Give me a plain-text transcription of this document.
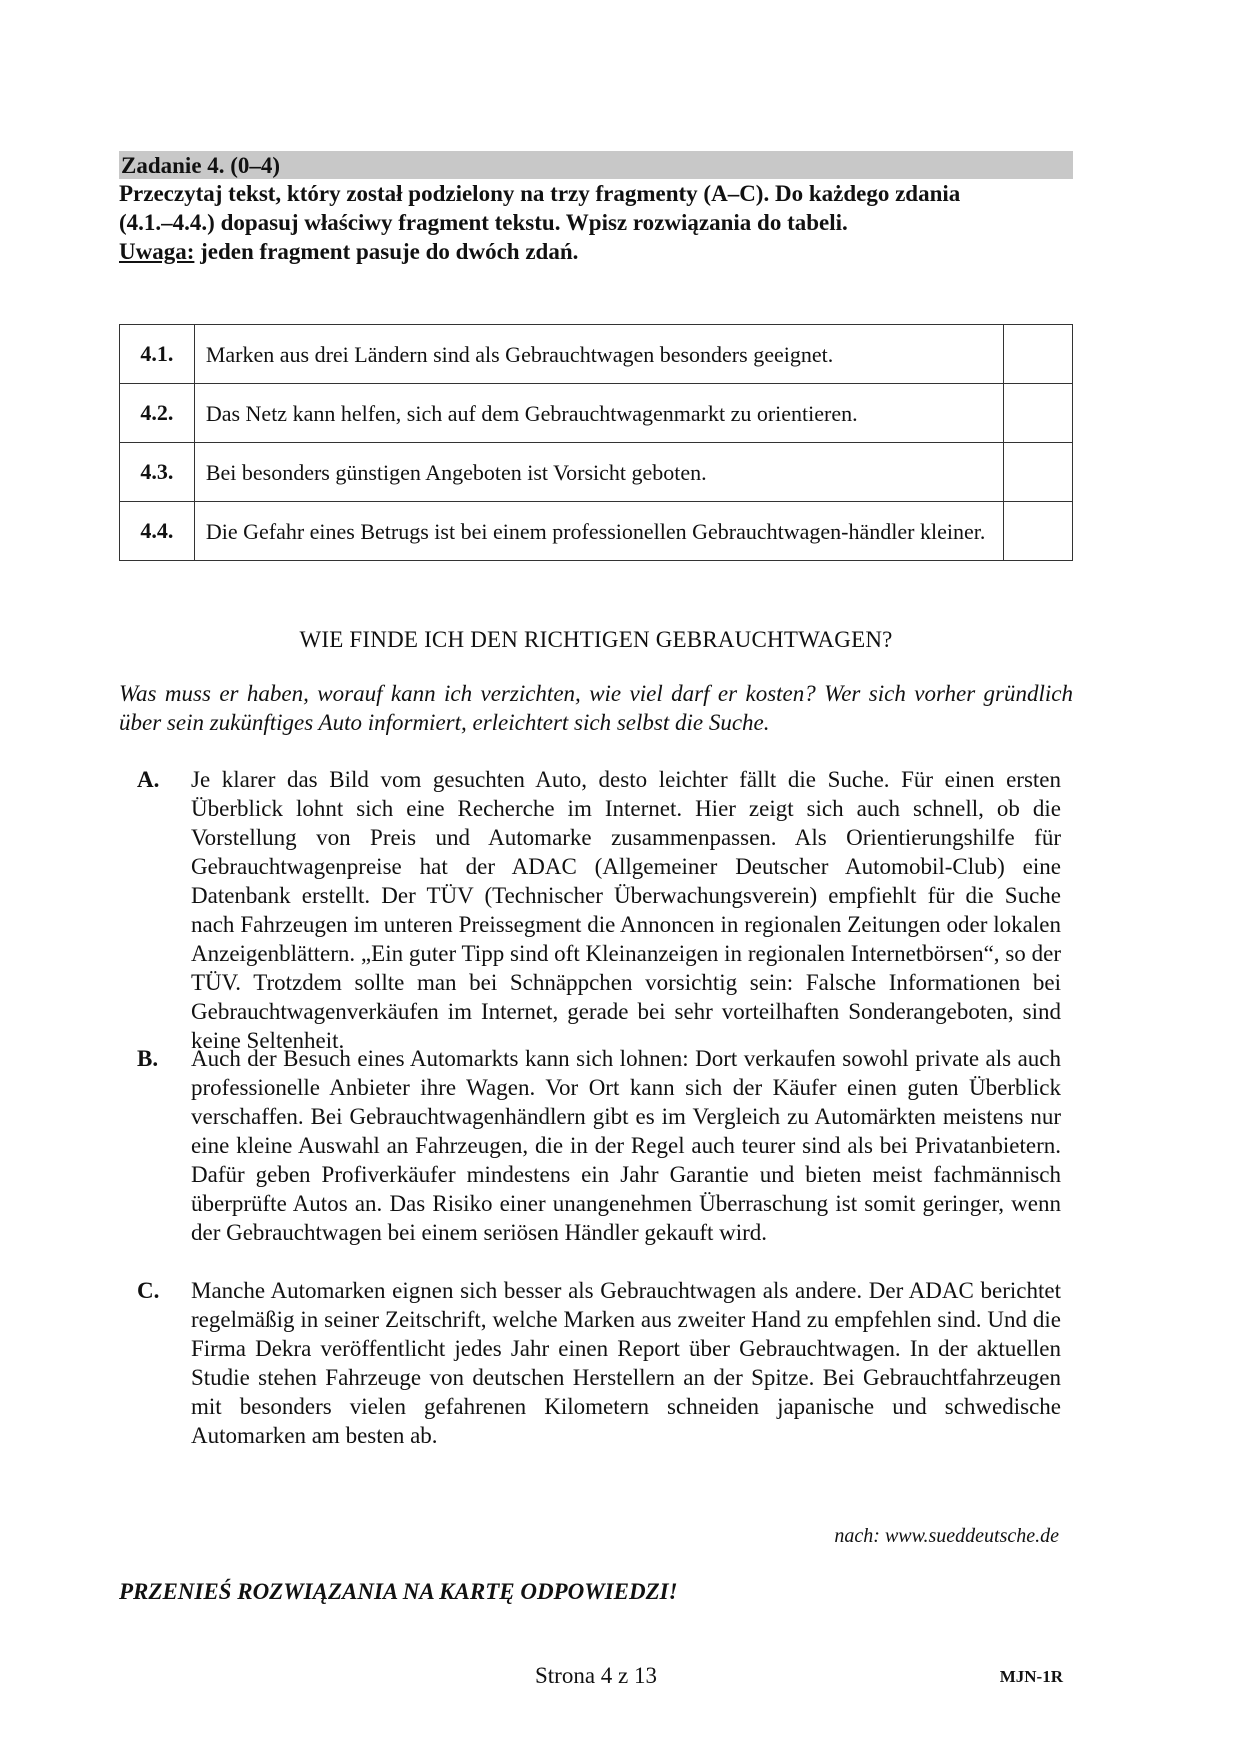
Zadanie 4. (0–4)
Przeczytaj tekst, który został podzielony na trzy fragmenty (A–C). Do każdego zdania
(4.1.–4.4.) dopasuj właściwy fragment tekstu. Wpisz rozwiązania do tabeli.
Uwaga: jeden fragment pasuje do dwóch zdań.
4.1.	Marken aus drei Ländern sind als Gebrauchtwagen besonders geeignet.	
4.2.	Das Netz kann helfen, sich auf dem Gebrauchtwagenmarkt zu orientieren.	
4.3.	Bei besonders günstigen Angeboten ist Vorsicht geboten.	
4.4.	Die Gefahr eines Betrugs ist bei einem professionellen Gebrauchtwagen-händler kleiner.	
WIE FINDE ICH DEN RICHTIGEN GEBRAUCHTWAGEN?
Was muss er haben, worauf kann ich verzichten, wie viel darf er kosten? Wer sich vorher gründlich über sein zukünftiges Auto informiert, erleichtert sich selbst die Suche.
A. Je klarer das Bild vom gesuchten Auto, desto leichter fällt die Suche. Für einen ersten Überblick lohnt sich eine Recherche im Internet. Hier zeigt sich auch schnell, ob die Vorstellung von Preis und Automarke zusammenpassen. Als Orientierungshilfe für Gebrauchtwagenpreise hat der ADAC (Allgemeiner Deutscher Automobil-Club) eine Datenbank erstellt. Der TÜV (Technischer Überwachungsverein) empfiehlt für die Suche nach Fahrzeugen im unteren Preissegment die Annoncen in regionalen Zeitungen oder lokalen Anzeigenblättern. „Ein guter Tipp sind oft Kleinanzeigen in regionalen Internetbörsen“, so der TÜV. Trotzdem sollte man bei Schnäppchen vorsichtig sein: Falsche Informationen bei Gebrauchtwagenverkäufen im Internet, gerade bei sehr vorteilhaften Sonderangeboten, sind keine Seltenheit.
B. Auch der Besuch eines Automarkts kann sich lohnen: Dort verkaufen sowohl private als auch professionelle Anbieter ihre Wagen. Vor Ort kann sich der Käufer einen guten Überblick verschaffen. Bei Gebrauchtwagenhändlern gibt es im Vergleich zu Automärkten meistens nur eine kleine Auswahl an Fahrzeugen, die in der Regel auch teurer sind als bei Privatanbietern. Dafür geben Profiverkäufer mindestens ein Jahr Garantie und bieten meist fachmännisch überprüfte Autos an. Das Risiko einer unangenehmen Überraschung ist somit geringer, wenn der Gebrauchtwagen bei einem seriösen Händler gekauft wird.
C. Manche Automarken eignen sich besser als Gebrauchtwagen als andere. Der ADAC berichtet regelmäßig in seiner Zeitschrift, welche Marken aus zweiter Hand zu empfehlen sind. Und die Firma Dekra veröffentlicht jedes Jahr einen Report über Gebrauchtwagen. In der aktuellen Studie stehen Fahrzeuge von deutschen Herstellern an der Spitze. Bei Gebrauchtfahrzeugen mit besonders vielen gefahrenen Kilometern schneiden japanische und schwedische Automarken am besten ab.
nach: www.sueddeutsche.de
PRZENIEŚ ROZWIĄZANIA NA KARTĘ ODPOWIEDZI!
Strona 4 z 13	MJN-1R
